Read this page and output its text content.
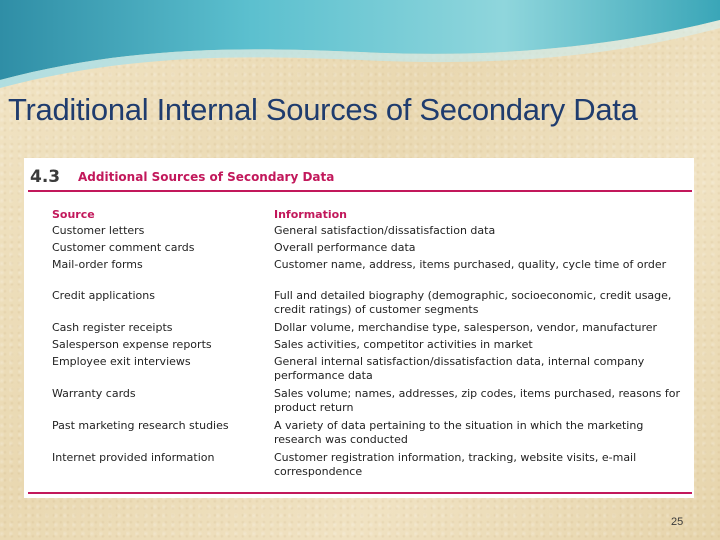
Traditional Internal Sources of Secondary Data
4.3 Additional Sources of Secondary Data
Source	Information
Customer letters	General satisfaction/dissatisfaction data
Customer comment cards	Overall performance data
Mail-order forms	Customer name, address, items purchased, quality, cycle time of order
Credit applications	Full and detailed biography (demographic, socioeconomic, credit usage, credit ratings) of customer segments
Cash register receipts	Dollar volume, merchandise type, salesperson, vendor, manufacturer
Salesperson expense reports	Sales activities, competitor activities in market
Employee exit interviews	General internal satisfaction/dissatisfaction data, internal company performance data
Warranty cards	Sales volume; names, addresses, zip codes, items purchased, reasons for product return
Past marketing research studies	A variety of data pertaining to the situation in which the marketing research was conducted
Internet provided information	Customer registration information, tracking, website visits, e-mail correspondence
25
